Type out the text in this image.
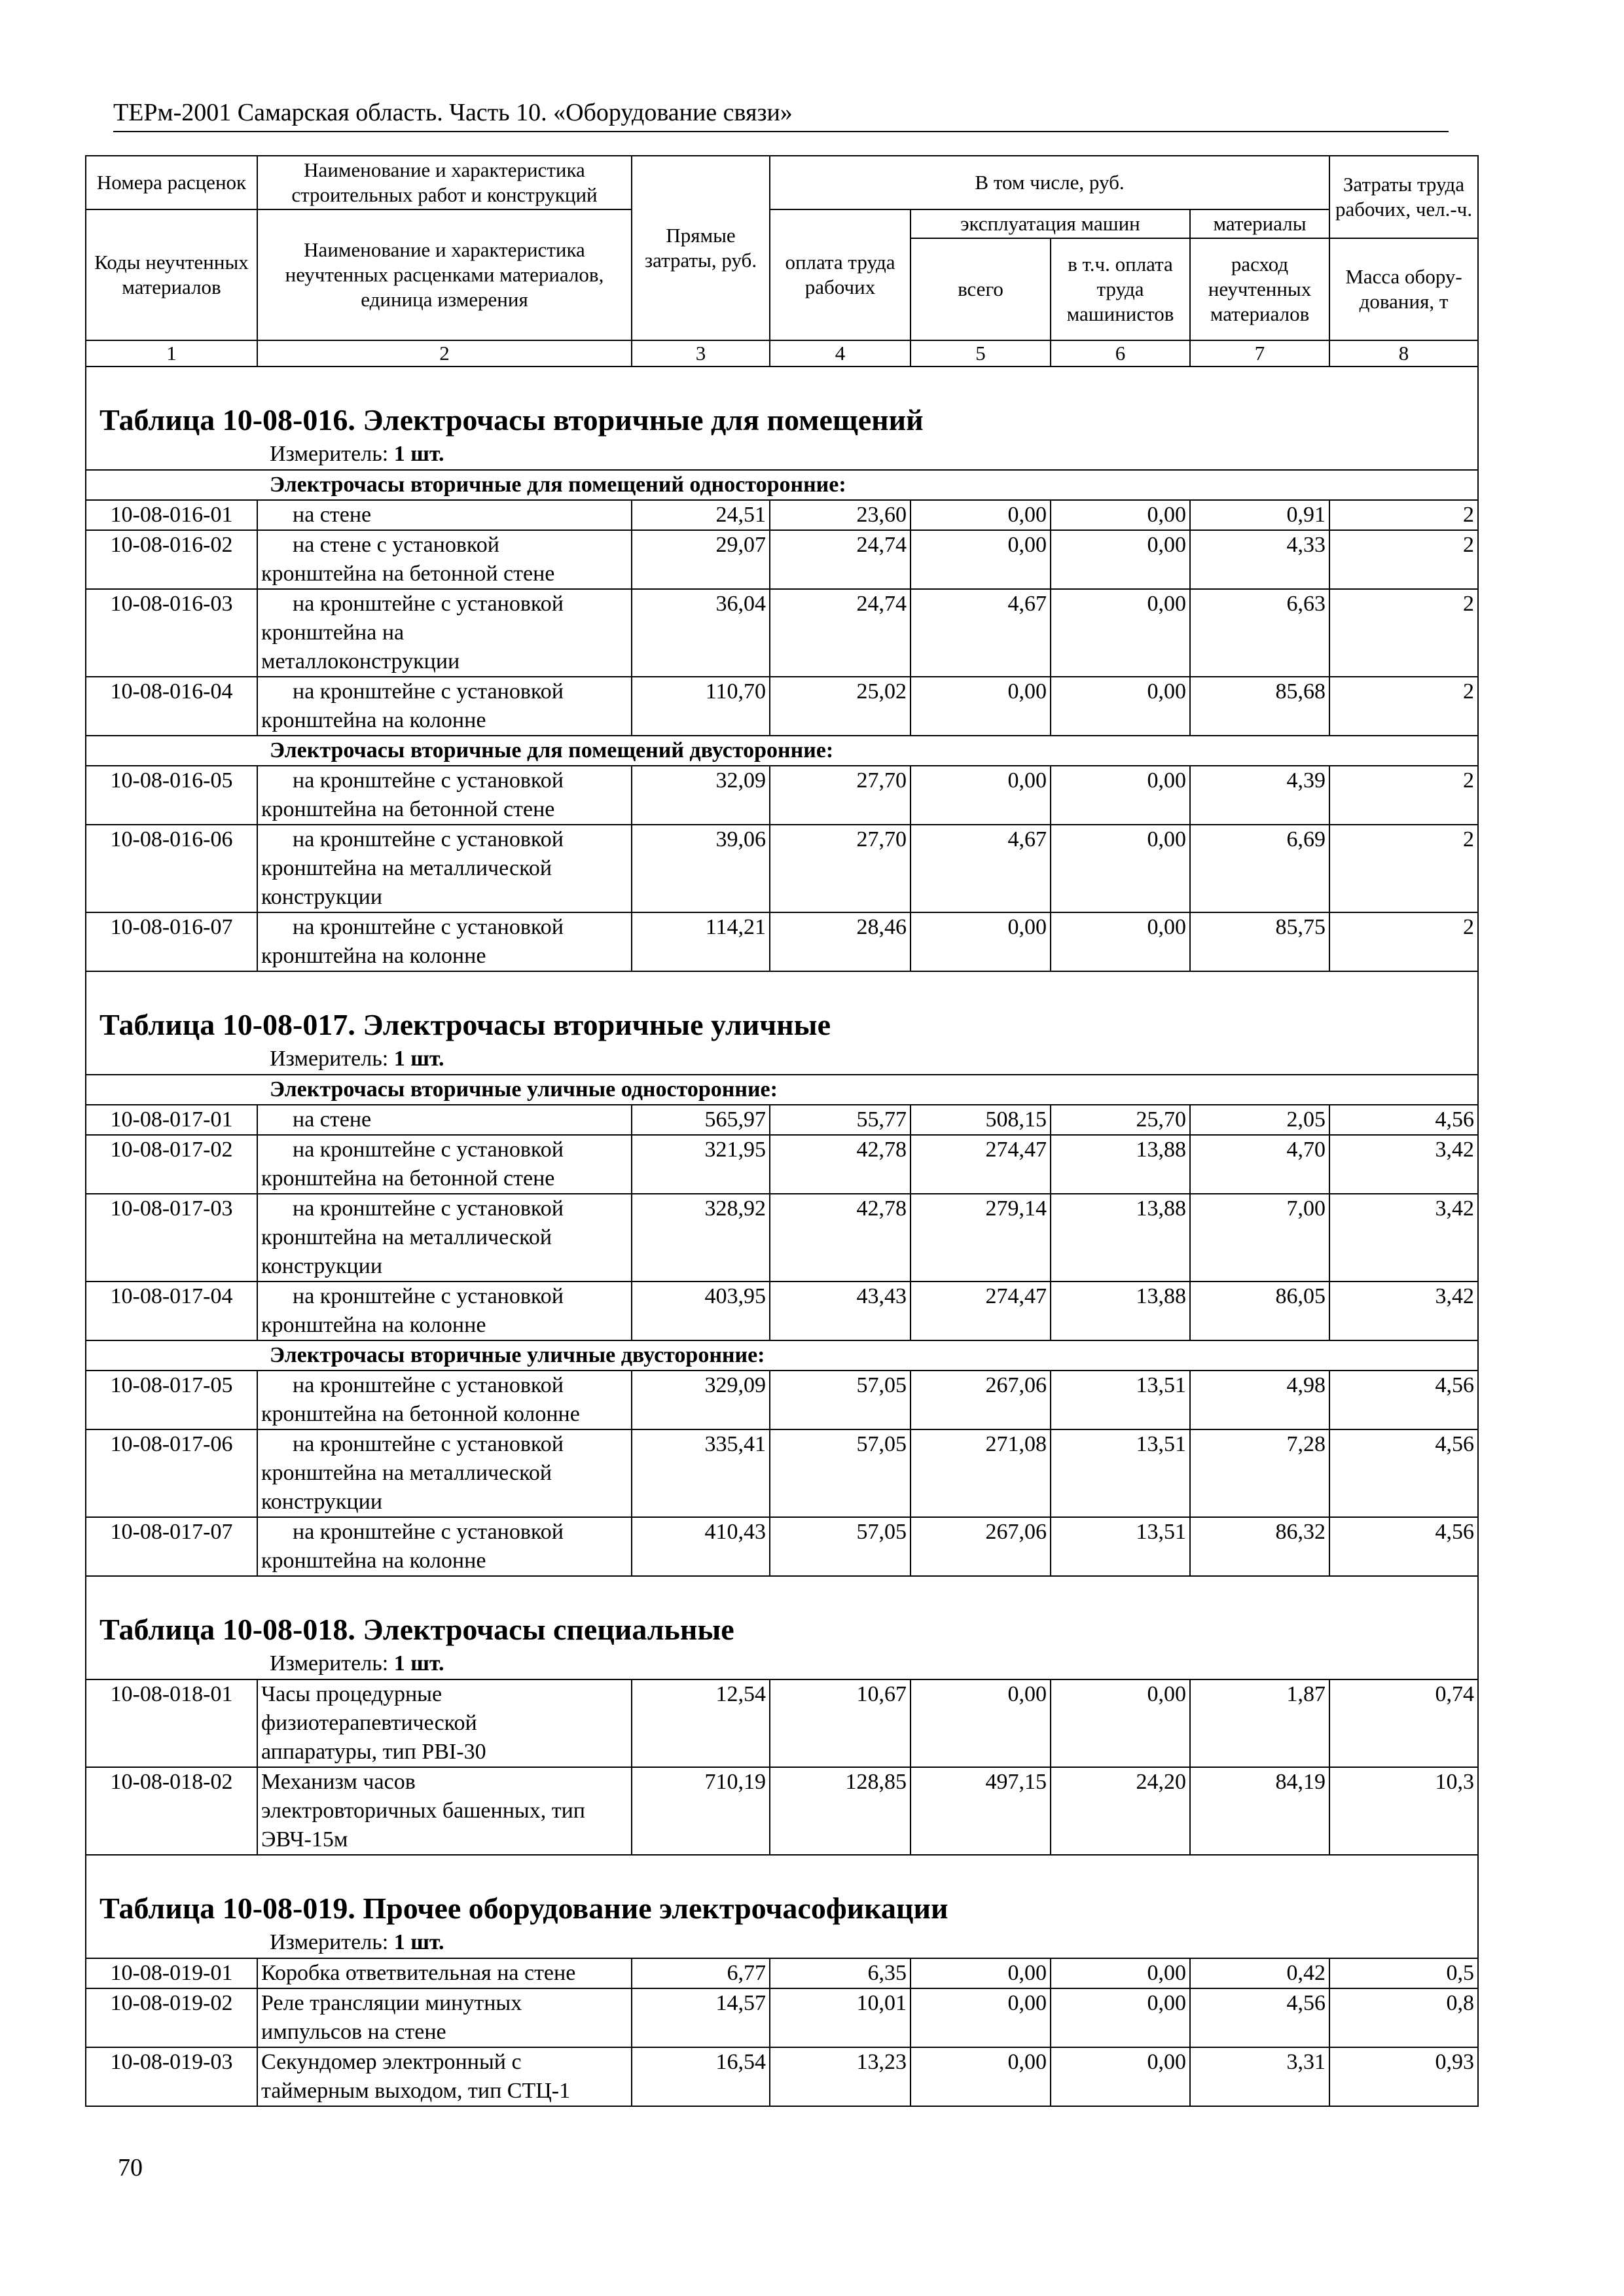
ТЕРм-2001 Самарская область. Часть 10. «Оборудование связи»
Номера расценок	Наименование и характеристика строительных работ и конструкций	Прямые затраты, руб.	В том числе, руб.				Затраты труда рабочих, чел.-ч.
Коды неучтенных материалов	Наименование и характеристика неучтенных расценками материалов, единица измерения		оплата труда рабочих	эксплуатация машин		материалы	
				всего	в т.ч. оплата труда машинистов	расход неучтенных материалов	Масса обору-дования, т
1	2	3	4	5	6	7	8
Таблица 10-08-016. Электрочасы вторичные для помещений							
Измеритель: 1 шт.							
Электрочасы вторичные для помещений односторонние:							
10-08-016-01	на стене	24,51	23,60	0,00	0,00	0,91	2
10-08-016-02	на стене с установкой
кронштейна на бетонной стене	29,07	24,74	0,00	0,00	4,33	2
10-08-016-03	на кронштейне с установкой
кронштейна на
металлоконструкции	36,04	24,74	4,67	0,00	6,63	2
10-08-016-04	на кронштейне с установкой
кронштейна на колонне	110,70	25,02	0,00	0,00	85,68	2
Электрочасы вторичные для помещений двусторонние:							
10-08-016-05	на кронштейне с установкой
кронштейна на бетонной стене	32,09	27,70	0,00	0,00	4,39	2
10-08-016-06	на кронштейне с установкой
кронштейна на металлической
конструкции	39,06	27,70	4,67	0,00	6,69	2
10-08-016-07	на кронштейне с установкой
кронштейна на колонне	114,21	28,46	0,00	0,00	85,75	2
Таблица 10-08-017. Электрочасы вторичные уличные							
Измеритель: 1 шт.							
Электрочасы вторичные уличные односторонние:							
10-08-017-01	на стене	565,97	55,77	508,15	25,70	2,05	4,56
10-08-017-02	на кронштейне с установкой
кронштейна на бетонной стене	321,95	42,78	274,47	13,88	4,70	3,42
10-08-017-03	на кронштейне с установкой
кронштейна на металлической
конструкции	328,92	42,78	279,14	13,88	7,00	3,42
10-08-017-04	на кронштейне с установкой
кронштейна на колонне	403,95	43,43	274,47	13,88	86,05	3,42
Электрочасы вторичные уличные двусторонние:							
10-08-017-05	на кронштейне с установкой
кронштейна на бетонной колонне	329,09	57,05	267,06	13,51	4,98	4,56
10-08-017-06	на кронштейне с установкой
кронштейна на металлической
конструкции	335,41	57,05	271,08	13,51	7,28	4,56
10-08-017-07	на кронштейне с установкой
кронштейна на колонне	410,43	57,05	267,06	13,51	86,32	4,56
Таблица 10-08-018. Электрочасы специальные							
Измеритель: 1 шт.							
10-08-018-01	Часы процедурные
физиотерапевтической
аппаратуры, тип PBI-30	12,54	10,67	0,00	0,00	1,87	0,74
10-08-018-02	Механизм часов
электровторичных башенных, тип
ЭВЧ-15м	710,19	128,85	497,15	24,20	84,19	10,3
Таблица 10-08-019. Прочее оборудование электрочасофикации							
Измеритель: 1 шт.							
10-08-019-01	Коробка ответвительная на стене	6,77	6,35	0,00	0,00	0,42	0,5
10-08-019-02	Реле трансляции минутных
импульсов на стене	14,57	10,01	0,00	0,00	4,56	0,8
10-08-019-03	Секундомер электронный с
таймерным выходом, тип СТЦ-1	16,54	13,23	0,00	0,00	3,31	0,93
70
